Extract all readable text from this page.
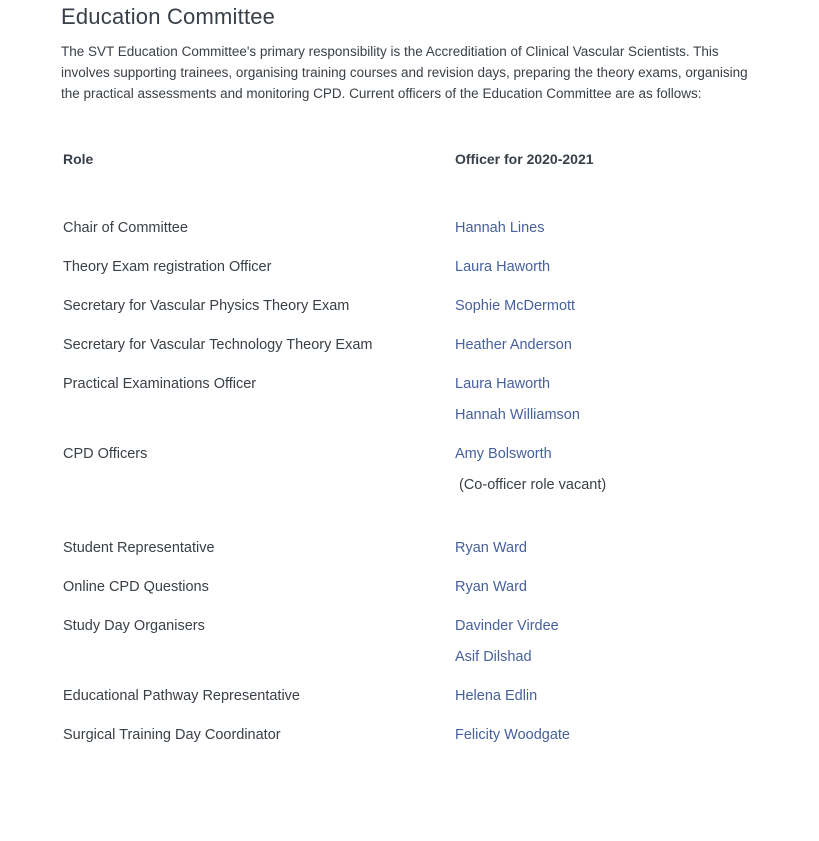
Education Committee
The SVT Education Committee's primary responsibility is the Accreditiation of Clinical Vascular Scientists. This
involves supporting trainees, organising training courses and revision days, preparing the theory exams, organising
the practical assessments and monitoring CPD. Current officers of the Education Committee are as follows:
Role	Officer for 2020-2021
Chair of Committee	Hannah Lines

Theory Exam registration Officer	Laura Haworth

Secretary for Vascular Physics Theory Exam	Sophie McDermott

Secretary for Vascular Technology Theory Exam	Heather Anderson

Practical Examinations Officer	Laura Haworth

Hannah Williamson

CPD Officers	Amy Bolsworth

(Co-officer role vacant)

Student Representative	Ryan Ward

Online CPD Questions	Ryan Ward

Study Day Organisers	Davinder Virdee

Asif Dilshad

Educational Pathway Representative	Helena Edlin

Surgical Training Day Coordinator	Felicity Woodgate
